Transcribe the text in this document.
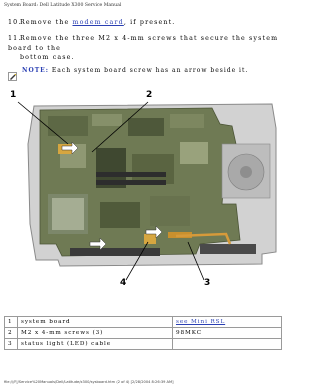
System Board: Dell Latitude X300 Service Manual
10.Remove the modem card, if present.
11.Remove the three M2 x 4-mm screws that secure the system board to the
bottom case.
NOTE: Each system board screw has an arrow beside it.
1	2
3
4
1	system board	see Mini RSL
2	M2 x 4-mm screws (3)	98MKC
3	status light (LED) cable	
file:///F|/Service%20Manuals/Dell/Latitude/x300/sysboard.htm (2 of 4) [2/28/2004 8:26:39 AM]
